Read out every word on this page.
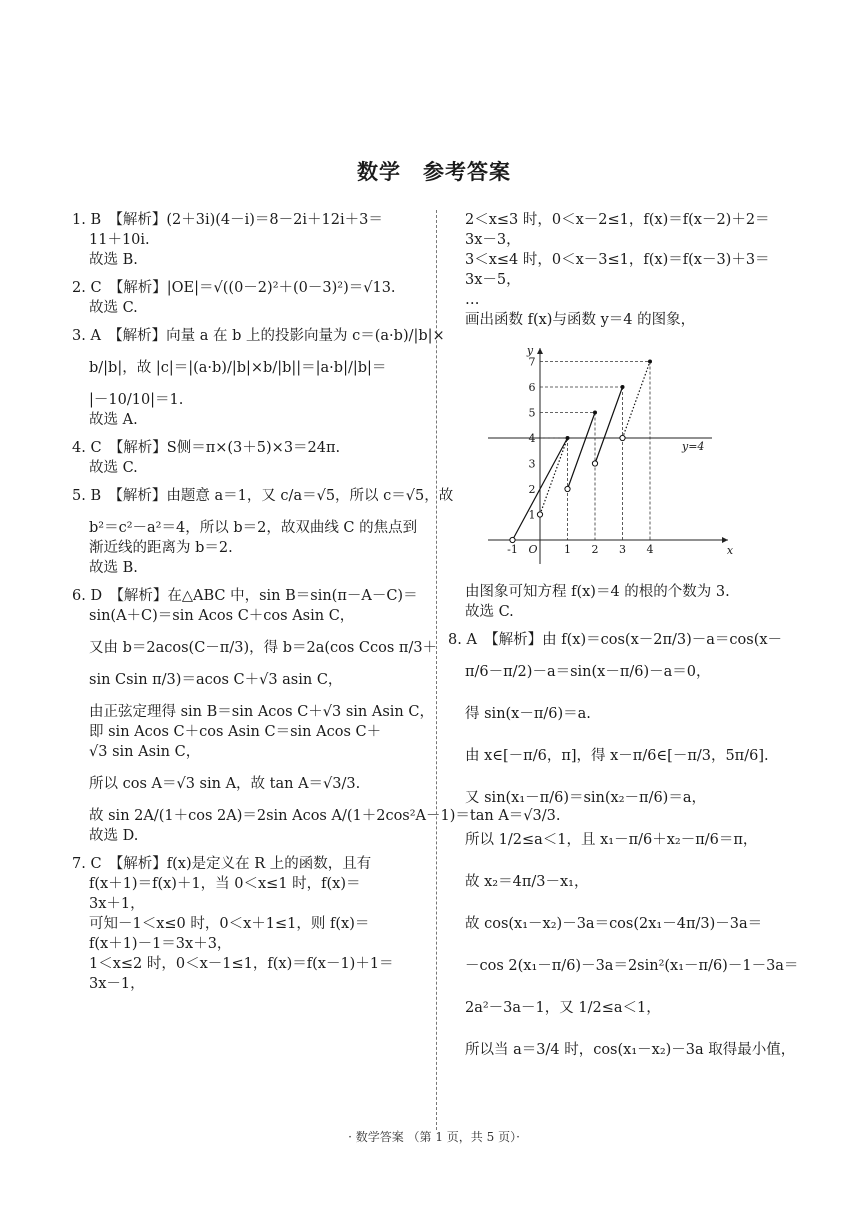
数学　参考答案
1. B　【解析】(2＋3i)(4－i)＝8－2i＋12i＋3＝
11＋10i.
故选 B.
2. C　【解析】|OE|＝√((0－2)²＋(0－3)²)＝√13.
故选 C.
3. A　【解析】向量 a 在 b 上的投影向量为 c＝(a·b)/|b|×
b/|b|，故 |c|＝|(a·b)/|b|×b/|b||＝|a·b|/|b|＝
|－10/10|＝1.
故选 A.
4. C　【解析】S侧＝π×(3＋5)×3＝24π.
故选 C.
5. B　【解析】由题意 a＝1，又 c/a＝√5，所以 c＝√5，故
b²＝c²－a²＝4，所以 b＝2，故双曲线 C 的焦点到
渐近线的距离为 b＝2.
故选 B.
6. D　【解析】在△ABC 中，sin B＝sin(π－A－C)＝
sin(A＋C)＝sin Acos C＋cos Asin C，
又由 b＝2acos(C－π/3)，得 b＝2a(cos Ccos π/3＋
sin Csin π/3)＝acos C＋√3 asin C，
由正弦定理得 sin B＝sin Acos C＋√3 sin Asin C，
即 sin Acos C＋cos Asin C＝sin Acos C＋
√3 sin Asin C，
所以 cos A＝√3 sin A，故 tan A＝√3/3.
故 sin 2A/(1＋cos 2A)＝2sin Acos A/(1＋2cos²A－1)＝tan A＝√3/3.
故选 D.
7. C　【解析】f(x)是定义在 R 上的函数，且有
f(x＋1)＝f(x)＋1，当 0＜x≤1 时，f(x)＝
3x＋1，
可知－1＜x≤0 时，0＜x＋1≤1，则 f(x)＝
f(x＋1)－1＝3x＋3，
1＜x≤2 时，0＜x－1≤1，f(x)＝f(x－1)＋1＝
3x－1，
2＜x≤3 时，0＜x－2≤1，f(x)＝f(x－2)＋2＝
3x－3，
3＜x≤4 时，0＜x－3≤1，f(x)＝f(x－3)＋3＝
3x－5，
…
画出函数 f(x)与函数 y＝4 的图象，
x
y
O
y=4
-1	1 2 3 4
1
2
3
4
5
6
7
由图象可知方程 f(x)＝4 的根的个数为 3.
故选 C.
8. A　【解析】由 f(x)＝cos(x－2π/3)－a＝cos(x－
π/6－π/2)－a＝sin(x－π/6)－a＝0，
得 sin(x－π/6)＝a.
由 x∈[－π/6，π]，得 x－π/6∈[－π/3，5π/6].
又 sin(x₁－π/6)＝sin(x₂－π/6)＝a，
所以 1/2≤a＜1，且 x₁－π/6＋x₂－π/6＝π，
故 x₂＝4π/3－x₁，
故 cos(x₁－x₂)－3a＝cos(2x₁－4π/3)－3a＝
－cos 2(x₁－π/6)－3a＝2sin²(x₁－π/6)－1－3a＝
2a²－3a－1，又 1/2≤a＜1，
所以当 a＝3/4 时，cos(x₁－x₂)－3a 取得最小值，
· 数学答案 （第 1 页，共 5 页）·
